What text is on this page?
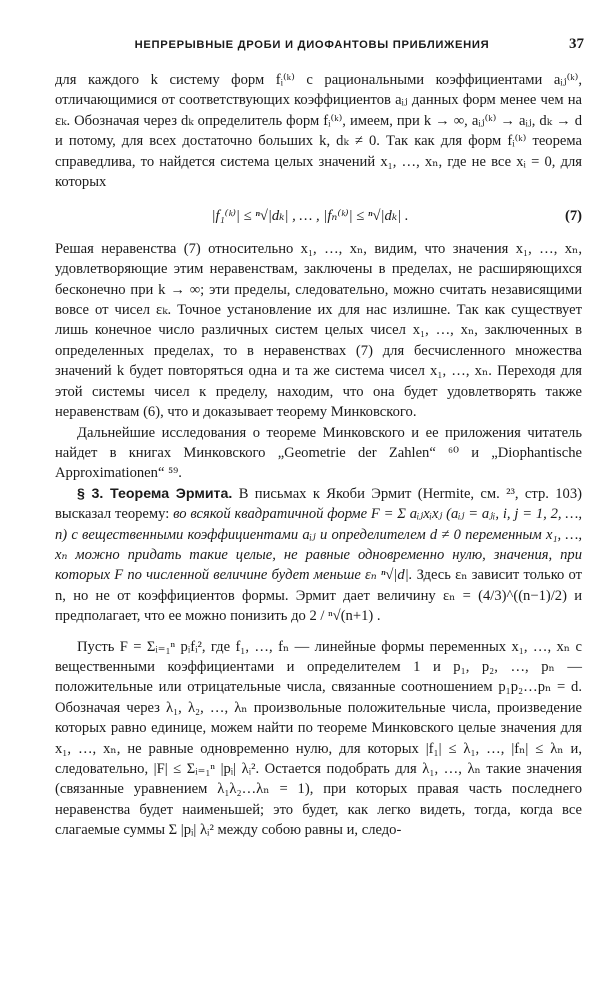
НЕПРЕРЫВНЫЕ ДРОБИ И ДИОФАНТОВЫ ПРИБЛИЖЕНИЯ	37

для каждого k систему форм fᵢ⁽ᵏ⁾ с рациональными коэффициентами aᵢⱼ⁽ᵏ⁾, отличающимися от соответствующих коэффициентов aᵢⱼ данных форм менее чем на εₖ. Обозначая через dₖ определитель форм fᵢ⁽ᵏ⁾, имеем, при k → ∞, aᵢⱼ⁽ᵏ⁾ → aᵢⱼ, dₖ → d и потому, для всех достаточно больших k, dₖ ≠ 0. Так как для форм fᵢ⁽ᵏ⁾ теорема справедлива, то найдется система целых значений x₁, …, xₙ, где не все xᵢ = 0, для которых

|f₁⁽ᵏ⁾| ≤ ⁿ√|dₖ| , … , |fₙ⁽ᵏ⁾| ≤ ⁿ√|dₖ| .	(7)

Решая неравенства (7) относительно x₁, …, xₙ, видим, что значения x₁, …, xₙ, удовлетворяющие этим неравенствам, заключены в пределах, не расширяющихся бесконечно при k → ∞; эти пределы, следовательно, можно считать независящими вовсе от чисел εₖ. Точное установление их для нас излишне. Так как существует лишь конечное число различных систем целых чисел x₁, …, xₙ, заключенных в определенных пределах, то в неравенствах (7) для бесчисленного множества значений k будет повторяться одна и та же система чисел x₁, …, xₙ. Переходя для этой системы чисел к пределу, находим, что она будет удовлетворять также неравенствам (6), что и доказывает теорему Минковского.

Дальнейшие исследования о теореме Минковского и ее приложения читатель найдет в книгах Минковского „Geometrie der Zahlen“ ⁶⁰ и „Diophantische Approximationen“ ⁵⁹.

§ 3. Теорема Эрмита. В письмах к Якоби Эрмит (Hermite, см. ²³, стр. 103) высказал теорему: во всякой квадратичной форме F = Σ aᵢⱼxᵢxⱼ (aᵢⱼ = aⱼᵢ, i, j = 1, 2, …, n) с вещественными коэффициентами aᵢⱼ и определителем d ≠ 0 переменным x₁, …, xₙ можно придать такие целые, не равные одновременно нулю, значения, при которых F по численной величине будет меньше εₙ ⁿ√|d|. Здесь εₙ зависит только от n, но не от коэффициентов формы. Эрмит дает величину εₙ = (4/3)^((n−1)/2) и предполагает, что ее можно понизить до 2 / ⁿ√(n+1) .

Пусть F = Σᵢ₌₁ⁿ pᵢfᵢ², где f₁, …, fₙ — линейные формы переменных x₁, …, xₙ с вещественными коэффициентами и определителем 1 и p₁, p₂, …, pₙ — положительные или отрицательные числа, связанные соотношением p₁p₂…pₙ = d. Обозначая через λ₁, λ₂, …, λₙ произвольные положительные числа, произведение которых равно единице, можем найти по теореме Минковского целые значения для x₁, …, xₙ, не равные одновременно нулю, для которых |f₁| ≤ λ₁, …, |fₙ| ≤ λₙ и, следовательно, |F| ≤ Σᵢ₌₁ⁿ |pᵢ| λᵢ². Остается подобрать для λ₁, …, λₙ такие значения (связанные уравнением λ₁λ₂…λₙ = 1), при которых правая часть последнего неравенства будет наименьшей; это будет, как легко видеть, тогда, когда все слагаемые суммы Σ |pᵢ| λᵢ² между собою равны и, следо-
